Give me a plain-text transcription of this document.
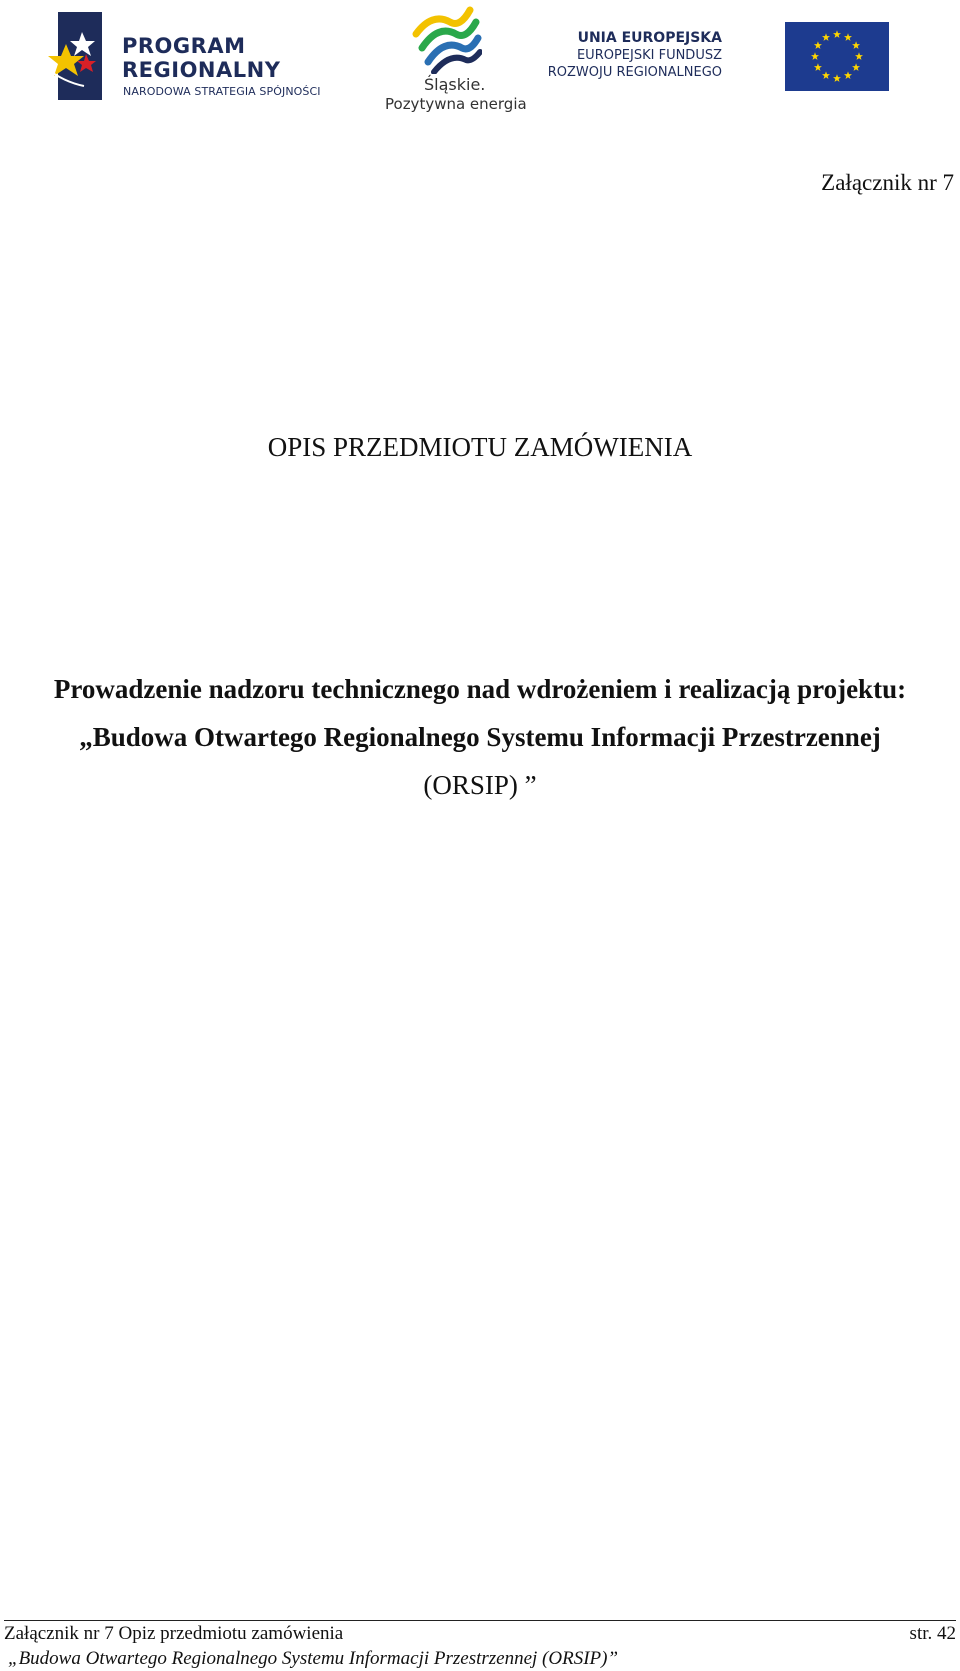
PROGRAM
REGIONALNY
NARODOWA STRATEGIA SPÓJNOŚCI	Śląskie.
Pozytywna energia
UNIA EUROPEJSKA
EUROPEJSKI FUNDUSZ
ROZWOJU REGIONALNEGO
Załącznik nr 7
OPIS PRZEDMIOTU ZAMÓWIENIA
Prowadzenie nadzoru technicznego nad wdrożeniem i realizacją projektu:
„Budowa Otwartego Regionalnego Systemu Informacji Przestrzennej
(ORSIP) ”
Załącznik nr 7 Opiz przedmiotu zamówienia	str. 42
„Budowa Otwartego Regionalnego Systemu Informacji Przestrzennej (ORSIP)”
